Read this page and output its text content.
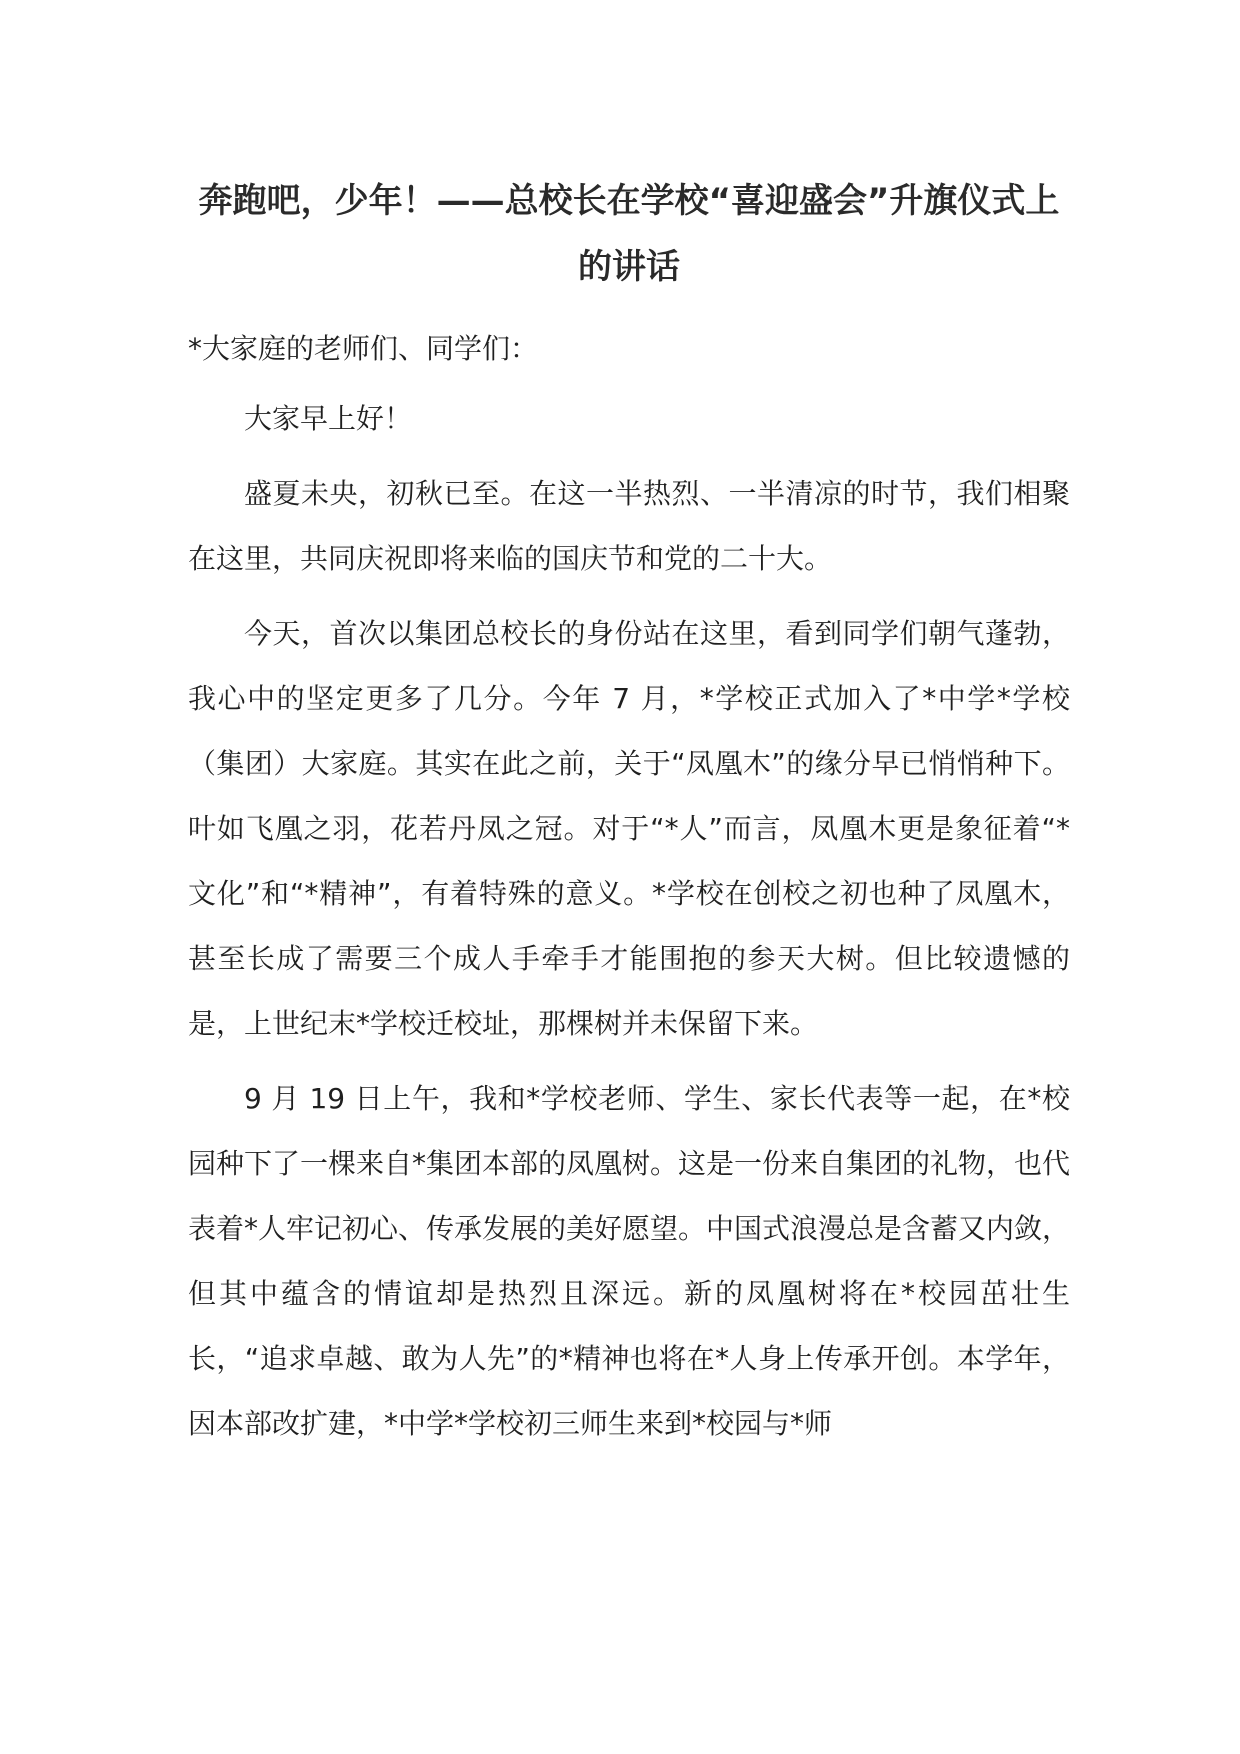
奔跑吧，少年！——总校长在学校“喜迎盛会”升旗仪式上的讲话

*大家庭的老师们、同学们：

大家早上好！

盛夏未央，初秋已至。在这一半热烈、一半清凉的时节，我们相聚在这里，共同庆祝即将来临的国庆节和党的二十大。

今天，首次以集团总校长的身份站在这里，看到同学们朝气蓬勃，我心中的坚定更多了几分。今年 7 月，*学校正式加入了*中学*学校（集团）大家庭。其实在此之前，关于“凤凰木”的缘分早已悄悄种下。叶如飞凰之羽，花若丹凤之冠。对于“*人”而言，凤凰木更是象征着“*文化”和“*精神”，有着特殊的意义。*学校在创校之初也种了凤凰木，甚至长成了需要三个成人手牵手才能围抱的参天大树。但比较遗憾的是，上世纪末*学校迁校址，那棵树并未保留下来。

9 月 19 日上午，我和*学校老师、学生、家长代表等一起，在*校园种下了一棵来自*集团本部的凤凰树。这是一份来自集团的礼物，也代表着*人牢记初心、传承发展的美好愿望。中国式浪漫总是含蓄又内敛，但其中蕴含的情谊却是热烈且深远。新的凤凰树将在*校园茁壮生长，“追求卓越、敢为人先”的*精神也将在*人身上传承开创。本学年，因本部改扩建，*中学*学校初三师生来到*校园与*师
